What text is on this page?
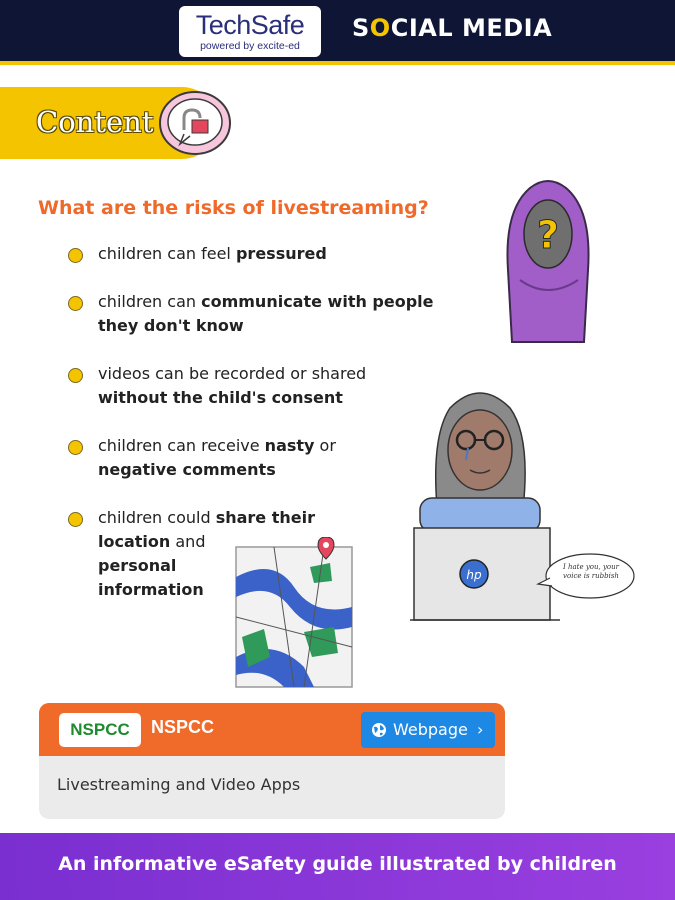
TechSafe
powered by excite-ed
SOCIAL MEDIA
Content
What are the risks of livestreaming?
children can feel pressured
children can communicate with people
they don't know
videos can be recorded or shared
without the child's consent
children can receive nasty or
negative comments
children could share their
location and
personal
information
?
hp
I hate you, your voice is rubbish
NSPCC	NSPCC	Webpage ›
Livestreaming and Video Apps
An informative eSafety guide illustrated by children
